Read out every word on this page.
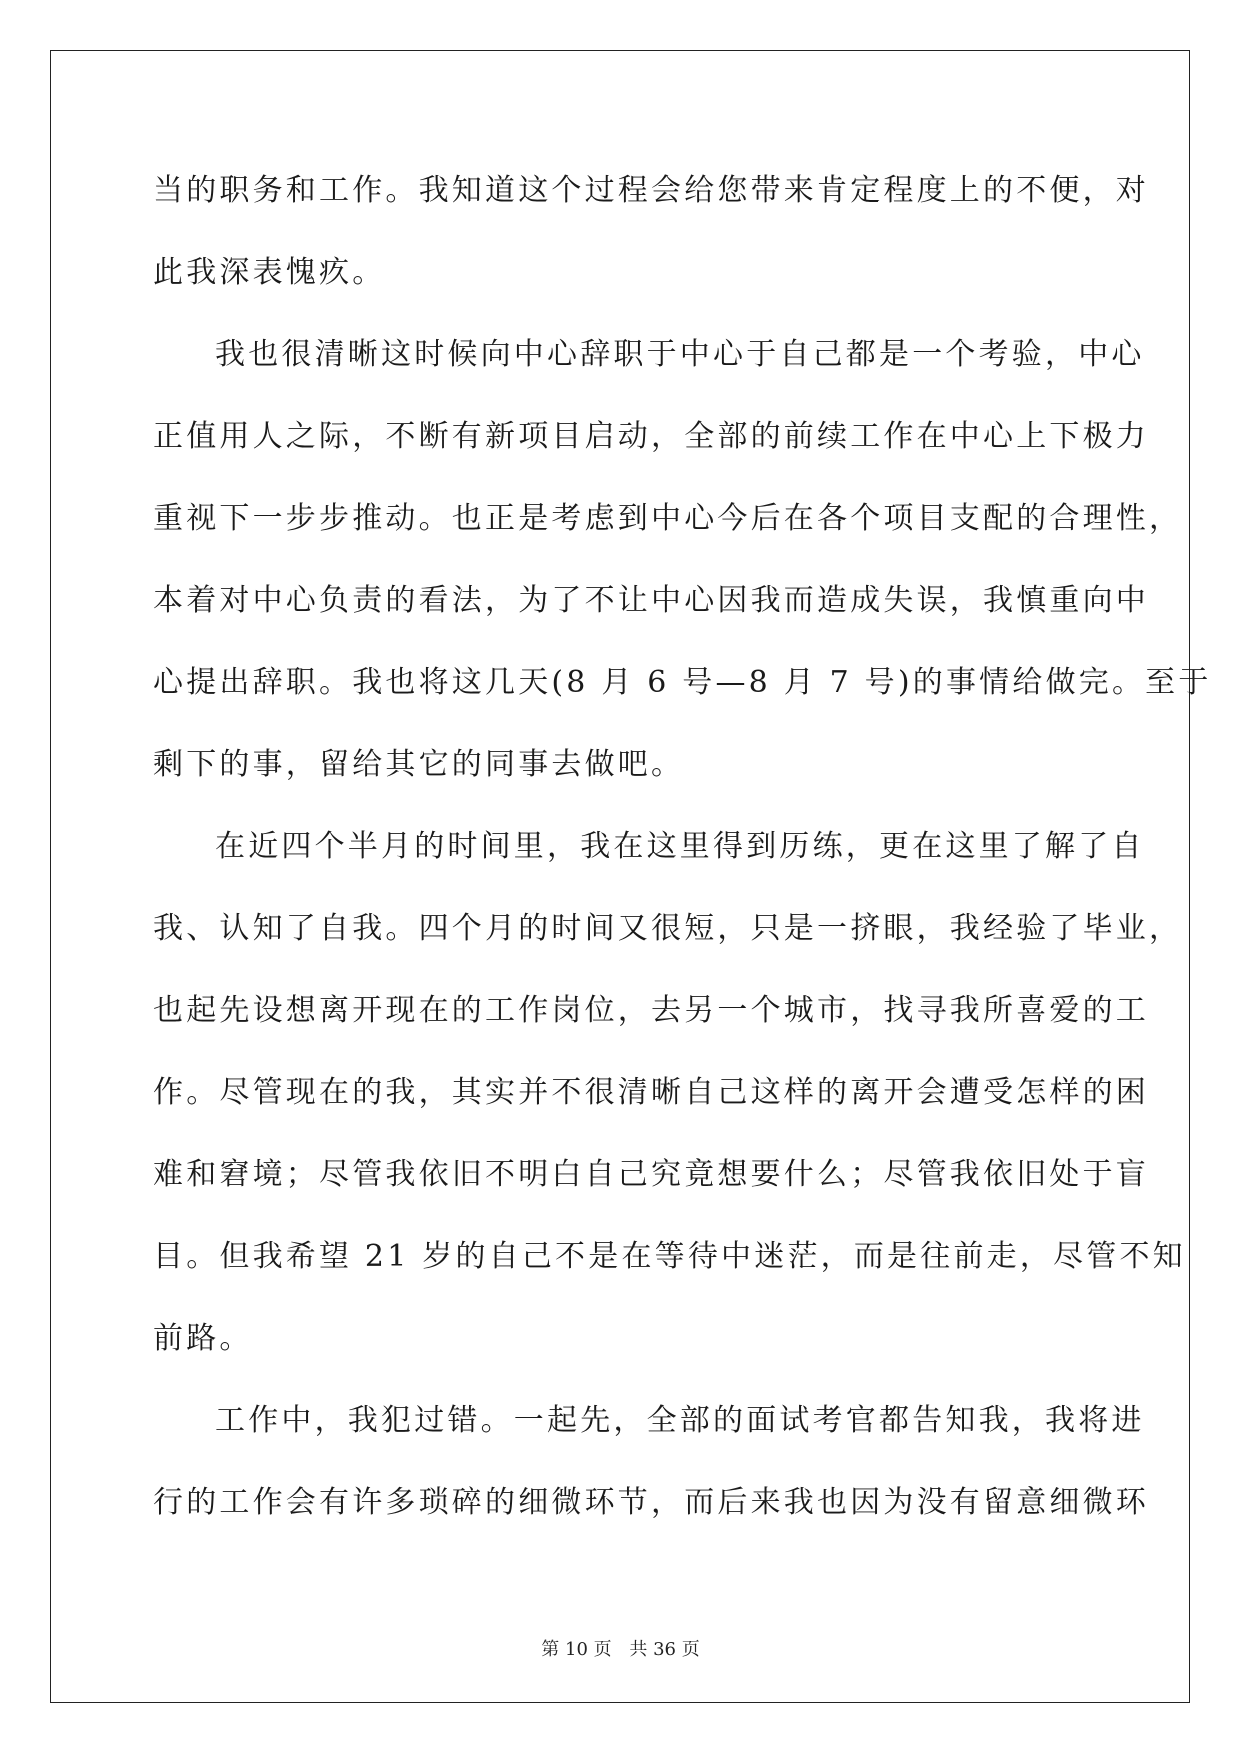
当的职务和工作。我知道这个过程会给您带来肯定程度上的不便，对
此我深表愧疚。
我也很清晰这时候向中心辞职于中心于自己都是一个考验，中心
正值用人之际，不断有新项目启动，全部的前续工作在中心上下极力
重视下一步步推动。也正是考虑到中心今后在各个项目支配的合理性，
本着对中心负责的看法，为了不让中心因我而造成失误，我慎重向中
心提出辞职。我也将这几天(8 月 6 号—8 月 7 号)的事情给做完。至于
剩下的事，留给其它的同事去做吧。
在近四个半月的时间里，我在这里得到历练，更在这里了解了自
我、认知了自我。四个月的时间又很短，只是一挤眼，我经验了毕业，
也起先设想离开现在的工作岗位，去另一个城市，找寻我所喜爱的工
作。尽管现在的我，其实并不很清晰自己这样的离开会遭受怎样的困
难和窘境；尽管我依旧不明白自己究竟想要什么；尽管我依旧处于盲
目。但我希望 21 岁的自己不是在等待中迷茫，而是往前走，尽管不知
前路。
工作中，我犯过错。一起先，全部的面试考官都告知我，我将进
行的工作会有许多琐碎的细微环节，而后来我也因为没有留意细微环
第 10 页 共 36 页
